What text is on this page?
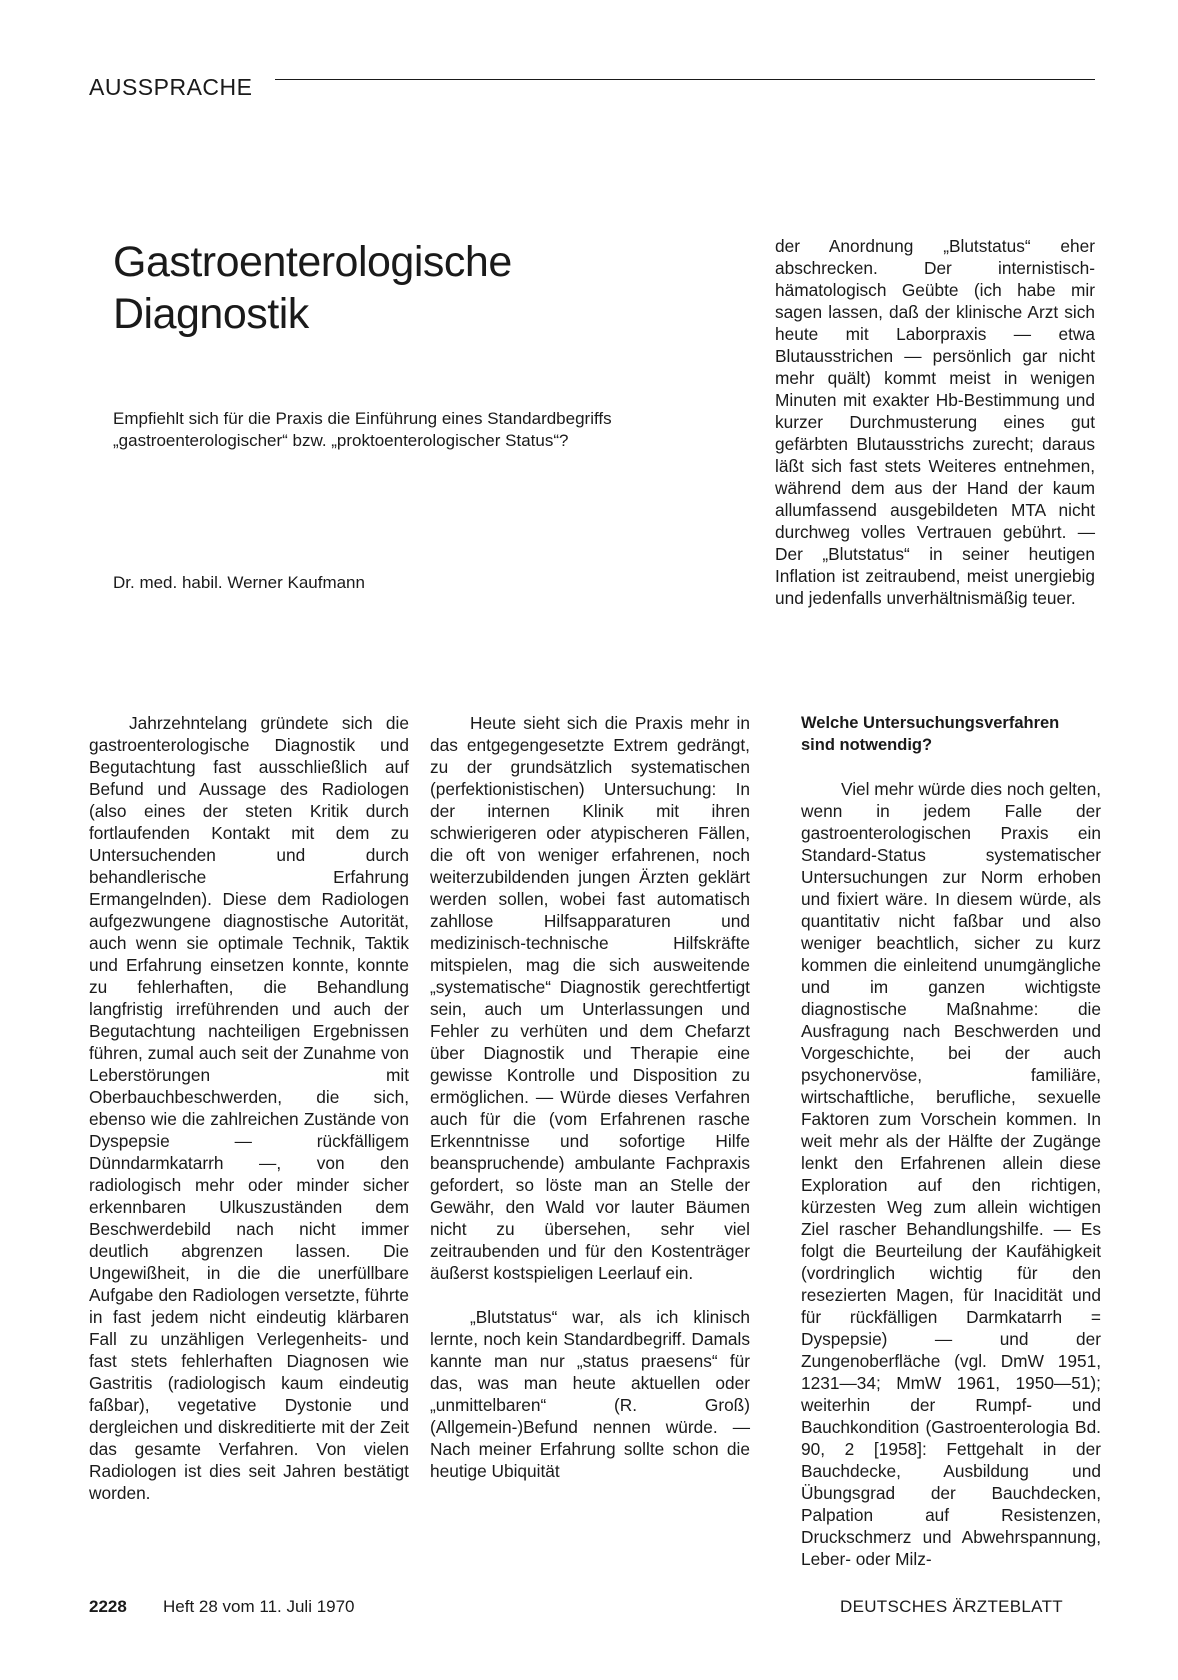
AUSSPRACHE
Gastroenterologische
Diagnostik
Empfiehlt sich für die Praxis die Einführung eines Standardbegriffs
„gastroenterologischer“ bzw. „proktoenterologischer Status“?
Dr. med. habil. Werner Kaufmann

der Anordnung „Blutstatus“ eher abschrecken. Der internistisch-hämatologisch Geübte (ich habe mir sagen lassen, daß der klinische Arzt sich heute mit Laborpraxis — etwa Blutausstrichen — persönlich gar nicht mehr quält) kommt meist in wenigen Minuten mit exakter Hb-Bestimmung und kurzer Durchmusterung eines gut gefärbten Blutausstrichs zurecht; daraus läßt sich fast stets Weiteres entnehmen, während dem aus der Hand der kaum allumfassend ausgebildeten MTA nicht durchweg volles Vertrauen gebührt. — Der „Blutstatus“ in seiner heutigen Inflation ist zeitraubend, meist unergiebig und jedenfalls unverhältnismäßig teuer.

Jahrzehntelang gründete sich die gastroenterologische Diagnostik und Begutachtung fast ausschließlich auf Befund und Aussage des Radiologen (also eines der steten Kritik durch fortlaufenden Kontakt mit dem zu Untersuchenden und durch behandlerische Erfahrung Ermangelnden). Diese dem Radiologen aufgezwungene diagnostische Autorität, auch wenn sie optimale Technik, Taktik und Erfahrung einsetzen konnte, konnte zu fehlerhaften, die Behandlung langfristig irreführenden und auch der Begutachtung nachteiligen Ergebnissen führen, zumal auch seit der Zunahme von Leberstörungen mit Oberbauchbeschwerden, die sich, ebenso wie die zahlreichen Zustände von Dyspepsie — rückfälligem Dünndarmkatarrh —, von den radiologisch mehr oder minder sicher erkennbaren Ulkuszuständen dem Beschwerdebild nach nicht immer deutlich abgrenzen lassen. Die Ungewißheit, in die die unerfüllbare Aufgabe den Radiologen versetzte, führte in fast jedem nicht eindeutig klärbaren Fall zu unzähligen Verlegenheits- und fast stets fehlerhaften Diagnosen wie Gastritis (radiologisch kaum eindeutig faßbar), vegetative Dystonie und dergleichen und diskreditierte mit der Zeit das gesamte Verfahren. Von vielen Radiologen ist dies seit Jahren bestätigt worden.

Heute sieht sich die Praxis mehr in das entgegengesetzte Extrem gedrängt, zu der grundsätzlich systematischen (perfektionistischen) Untersuchung: In der internen Klinik mit ihren schwierigeren oder atypischeren Fällen, die oft von weniger erfahrenen, noch weiterzubildenden jungen Ärzten geklärt werden sollen, wobei fast automatisch zahllose Hilfsapparaturen und medizinisch-technische Hilfskräfte mitspielen, mag die sich ausweitende „systematische“ Diagnostik gerechtfertigt sein, auch um Unterlassungen und Fehler zu verhüten und dem Chefarzt über Diagnostik und Therapie eine gewisse Kontrolle und Disposition zu ermöglichen. — Würde dieses Verfahren auch für die (vom Erfahrenen rasche Erkenntnisse und sofortige Hilfe beanspruchende) ambulante Fachpraxis gefordert, so löste man an Stelle der Gewähr, den Wald vor lauter Bäumen nicht zu übersehen, sehr viel zeitraubenden und für den Kostenträger äußerst kostspieligen Leerlauf ein.

„Blutstatus“ war, als ich klinisch lernte, noch kein Standardbegriff. Damals kannte man nur „status praesens“ für das, was man heute aktuellen oder „unmittelbaren“ (R. Groß) (Allgemein-)Befund nennen würde. — Nach meiner Erfahrung sollte schon die heutige Ubiquität

Welche Untersuchungsverfahren
sind notwendig?

Viel mehr würde dies noch gelten, wenn in jedem Falle der gastroenterologischen Praxis ein Standard-Status systematischer Untersuchungen zur Norm erhoben und fixiert wäre. In diesem würde, als quantitativ nicht faßbar und also weniger beachtlich, sicher zu kurz kommen die einleitend unumgängliche und im ganzen wichtigste diagnostische Maßnahme: die Ausfragung nach Beschwerden und Vorgeschichte, bei der auch psychonervöse, familiäre, wirtschaftliche, berufliche, sexuelle Faktoren zum Vorschein kommen. In weit mehr als der Hälfte der Zugänge lenkt den Erfahrenen allein diese Exploration auf den richtigen, kürzesten Weg zum allein wichtigen Ziel rascher Behandlungshilfe. — Es folgt die Beurteilung der Kaufähigkeit (vordringlich wichtig für den resezierten Magen, für Inacidität und für rückfälligen Darmkatarrh = Dyspepsie) — und der Zungenoberfläche (vgl. DmW 1951, 1231—34; MmW 1961, 1950—51); weiterhin der Rumpf- und Bauchkondition (Gastroenterologia Bd. 90, 2 [1958]: Fettgehalt in der Bauchdecke, Ausbildung und Übungsgrad der Bauchdecken, Palpation auf Resistenzen, Druckschmerz und Abwehrspannung, Leber- oder Milz-

2228 Heft 28 vom 11. Juli 1970	DEUTSCHES ÄRZTEBLATT
